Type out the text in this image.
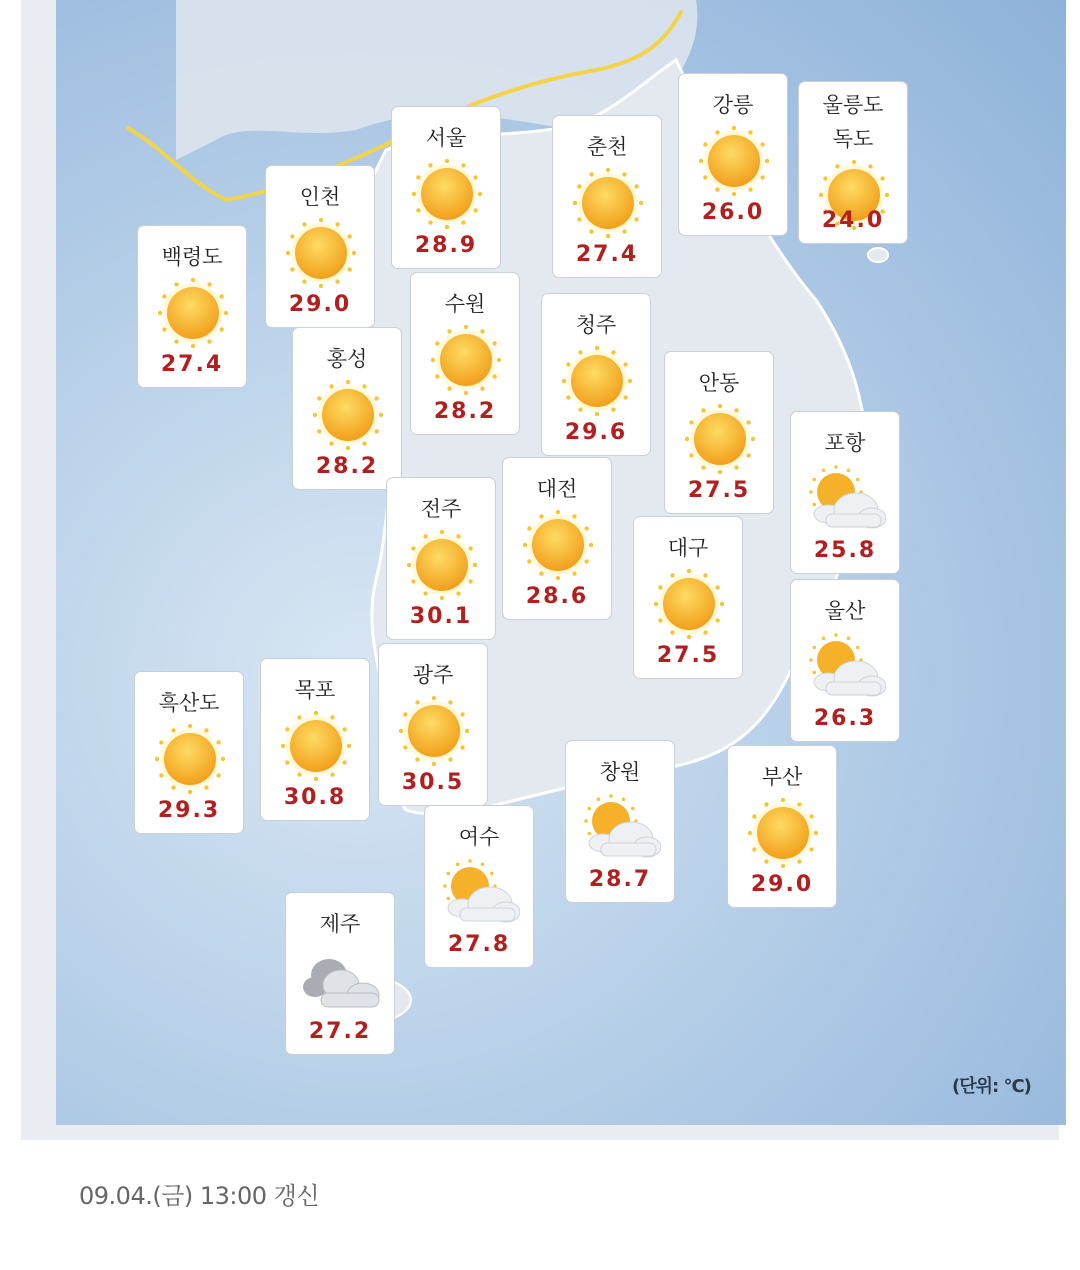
(단위: °C)
백령도
27.4
인천
29.0
서울
28.9
춘천
27.4
강릉
26.0
울릉도
독도
24.0
수원
28.2
홍성
28.2
청주
29.6
안동
27.5
포항
25.8
전주
30.1
대전
28.6
대구
27.5
울산
26.3
흑산도
29.3
목포
30.8
광주
30.5	창원
28.7
부산
29.0
여수
27.8
제주
27.2
09.04.(금) 13:00 갱신
